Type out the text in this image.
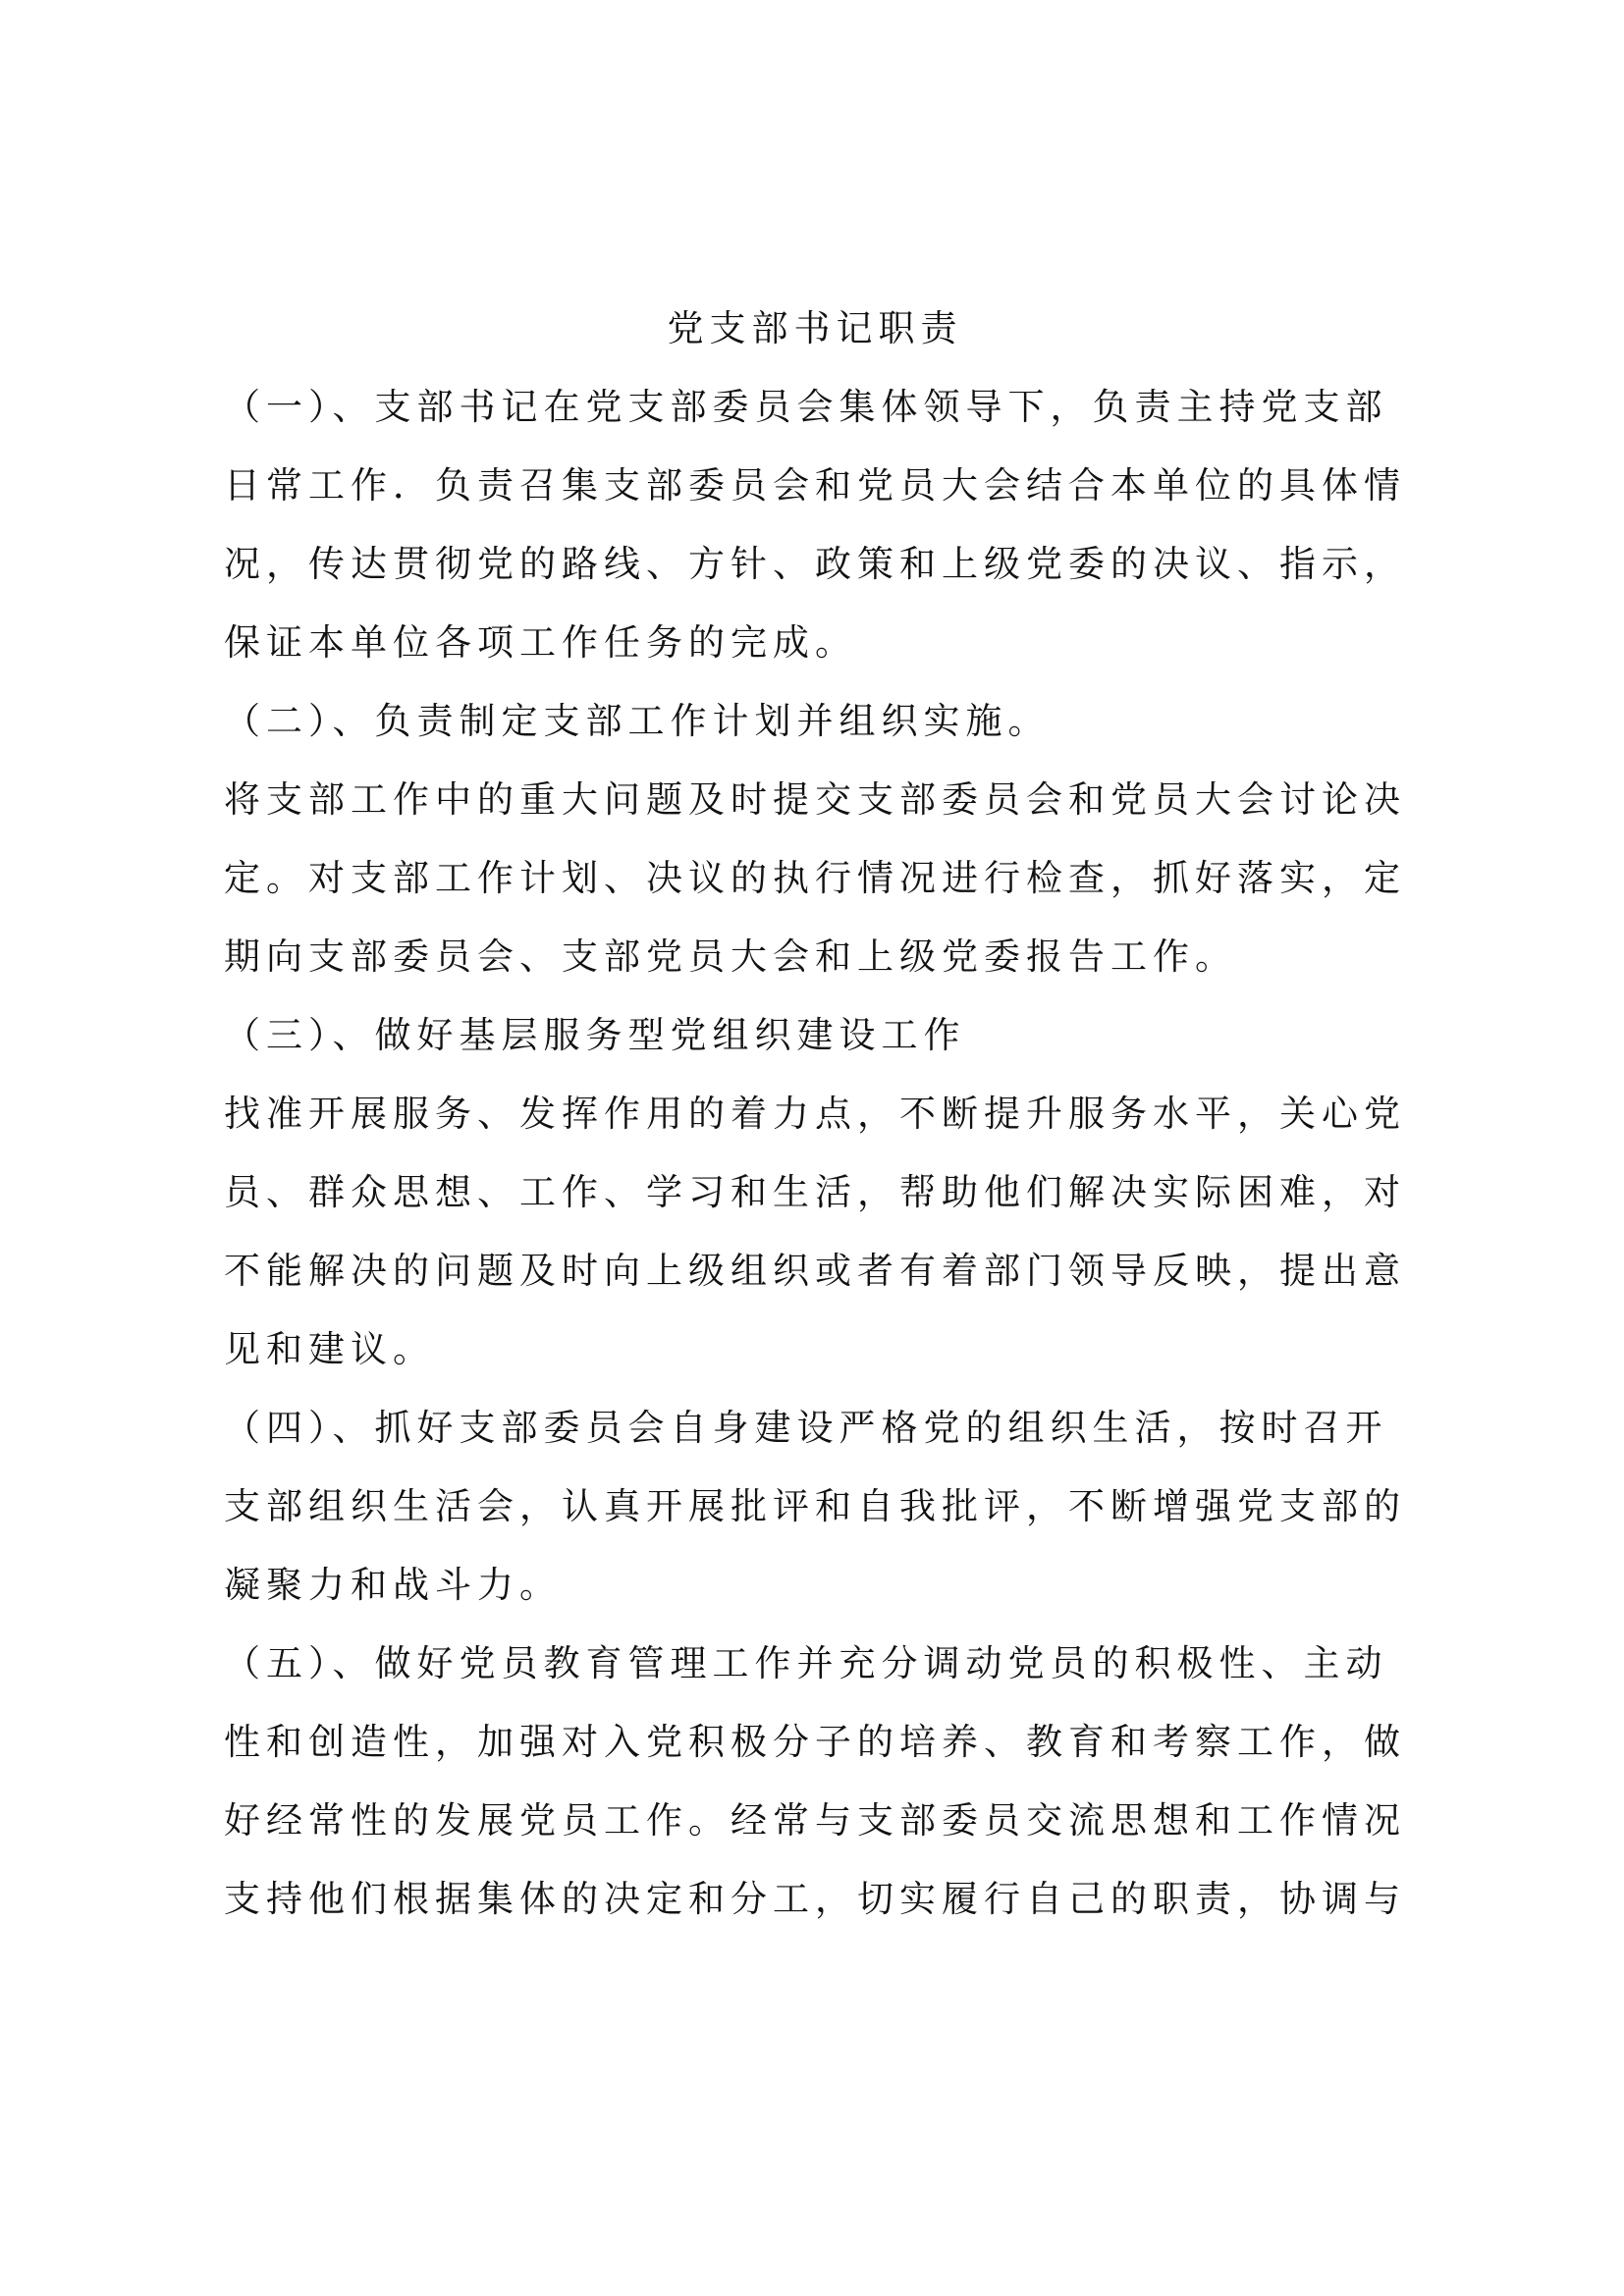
党支部书记职责
（一）、支部书记在党支部委员会集体领导下，负责主持党支部
日常工作．负责召集支部委员会和党员大会结合本单位的具体情
况，传达贯彻党的路线、方针、政策和上级党委的决议、指示，
保证本单位各项工作任务的完成。
（二）、负责制定支部工作计划并组织实施。
将支部工作中的重大问题及时提交支部委员会和党员大会讨论决
定。对支部工作计划、决议的执行情况进行检查，抓好落实，定
期向支部委员会、支部党员大会和上级党委报告工作。
（三）、做好基层服务型党组织建设工作
找准开展服务、发挥作用的着力点，不断提升服务水平，关心党
员、群众思想、工作、学习和生活，帮助他们解决实际困难，对
不能解决的问题及时向上级组织或者有着部门领导反映，提出意
见和建议。
（四）、抓好支部委员会自身建设严格党的组织生活，按时召开
支部组织生活会，认真开展批评和自我批评，不断增强党支部的
凝聚力和战斗力。
（五）、做好党员教育管理工作并充分调动党员的积极性、主动
性和创造性，加强对入党积极分子的培养、教育和考察工作，做
好经常性的发展党员工作。经常与支部委员交流思想和工作情况
支持他们根据集体的决定和分工，切实履行自己的职责，协调与
